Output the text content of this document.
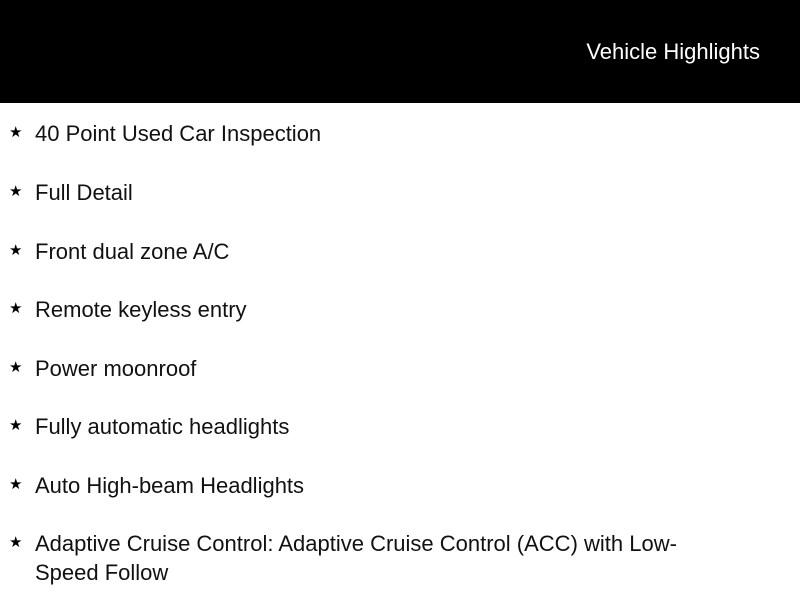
Vehicle Highlights
★ 40 Point Used Car Inspection
★ Full Detail
★ Front dual zone A/C
★ Remote keyless entry
★ Power moonroof
★ Fully automatic headlights
★ Auto High-beam Headlights
★ Adaptive Cruise Control: Adaptive Cruise Control (ACC) with Low-Speed Follow
